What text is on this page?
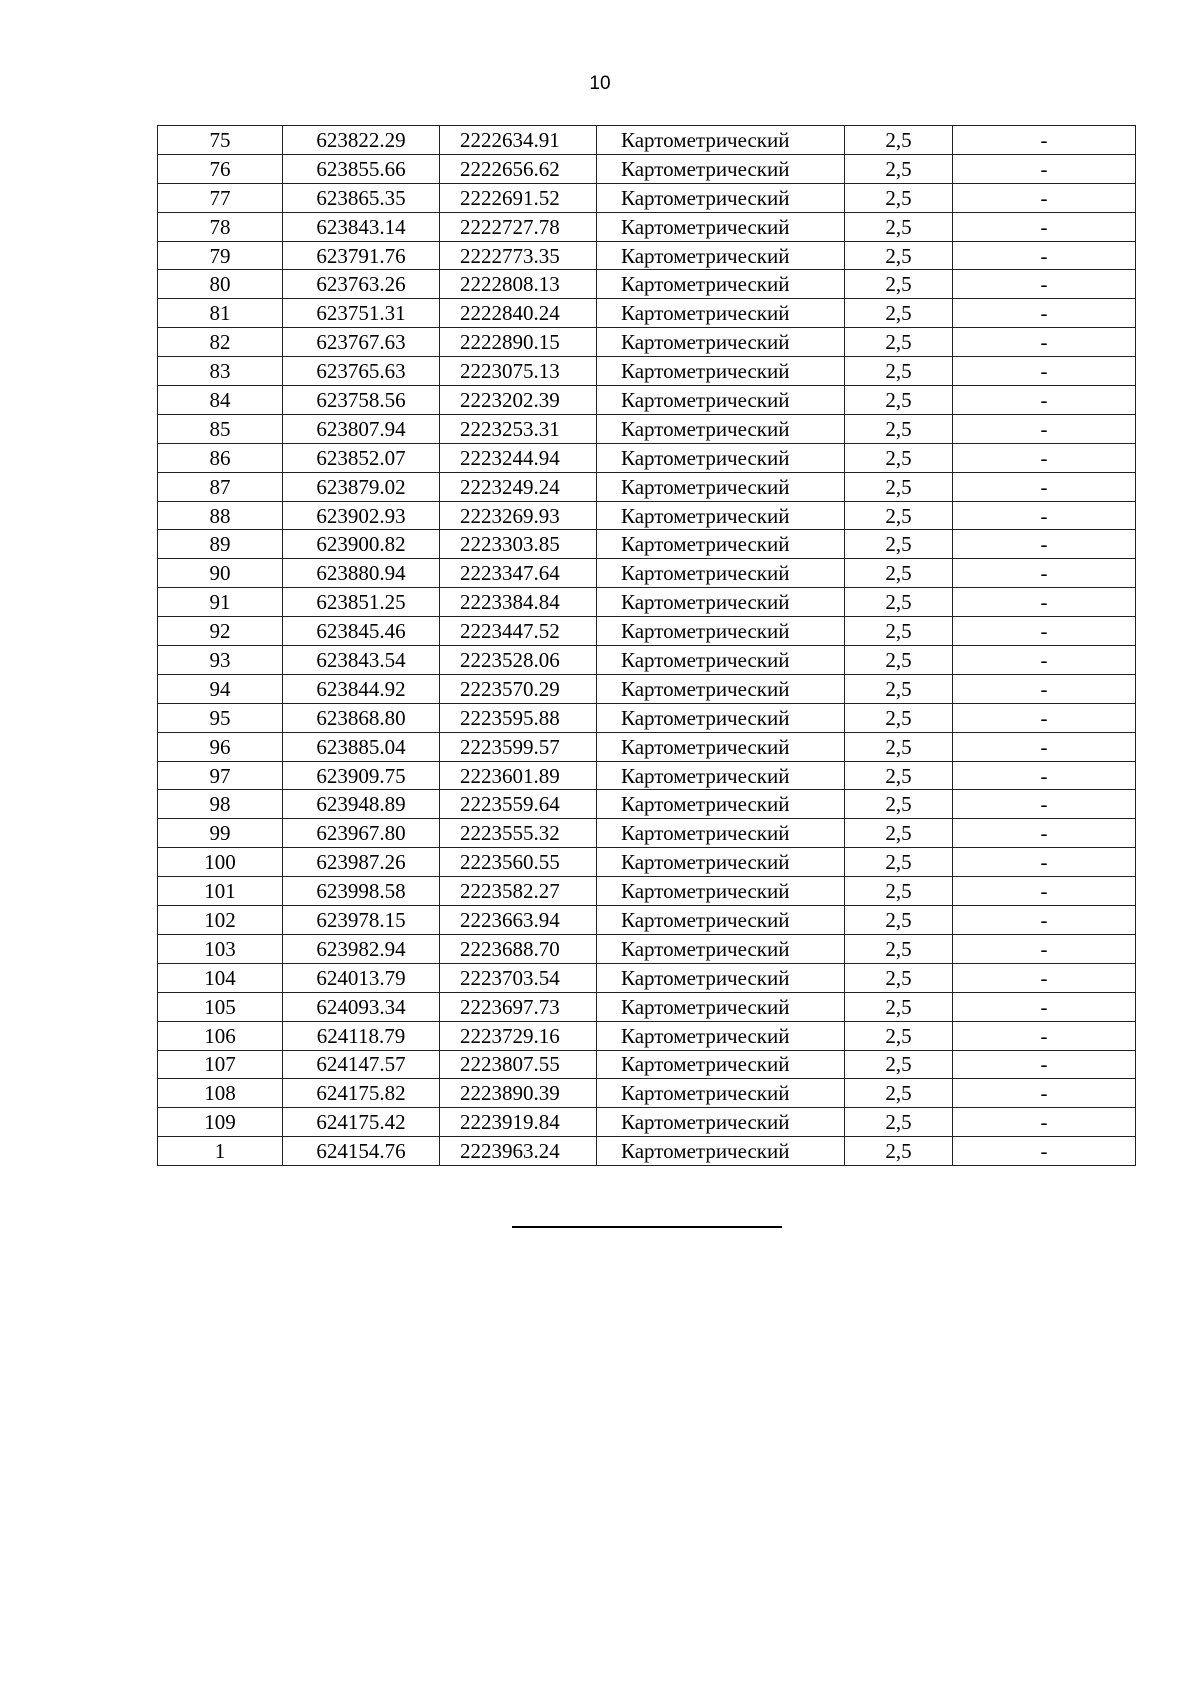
10
75	623822.29	2222634.91	Картометрический	2,5	-
76	623855.66	2222656.62	Картометрический	2,5	-
77	623865.35	2222691.52	Картометрический	2,5	-
78	623843.14	2222727.78	Картометрический	2,5	-
79	623791.76	2222773.35	Картометрический	2,5	-
80	623763.26	2222808.13	Картометрический	2,5	-
81	623751.31	2222840.24	Картометрический	2,5	-
82	623767.63	2222890.15	Картометрический	2,5	-
83	623765.63	2223075.13	Картометрический	2,5	-
84	623758.56	2223202.39	Картометрический	2,5	-
85	623807.94	2223253.31	Картометрический	2,5	-
86	623852.07	2223244.94	Картометрический	2,5	-
87	623879.02	2223249.24	Картометрический	2,5	-
88	623902.93	2223269.93	Картометрический	2,5	-
89	623900.82	2223303.85	Картометрический	2,5	-
90	623880.94	2223347.64	Картометрический	2,5	-
91	623851.25	2223384.84	Картометрический	2,5	-
92	623845.46	2223447.52	Картометрический	2,5	-
93	623843.54	2223528.06	Картометрический	2,5	-
94	623844.92	2223570.29	Картометрический	2,5	-
95	623868.80	2223595.88	Картометрический	2,5	-
96	623885.04	2223599.57	Картометрический	2,5	-
97	623909.75	2223601.89	Картометрический	2,5	-
98	623948.89	2223559.64	Картометрический	2,5	-
99	623967.80	2223555.32	Картометрический	2,5	-
100	623987.26	2223560.55	Картометрический	2,5	-
101	623998.58	2223582.27	Картометрический	2,5	-
102	623978.15	2223663.94	Картометрический	2,5	-
103	623982.94	2223688.70	Картометрический	2,5	-
104	624013.79	2223703.54	Картометрический	2,5	-
105	624093.34	2223697.73	Картометрический	2,5	-
106	624118.79	2223729.16	Картометрический	2,5	-
107	624147.57	2223807.55	Картометрический	2,5	-
108	624175.82	2223890.39	Картометрический	2,5	-
109	624175.42	2223919.84	Картометрический	2,5	-
1	624154.76	2223963.24	Картометрический	2,5	-
